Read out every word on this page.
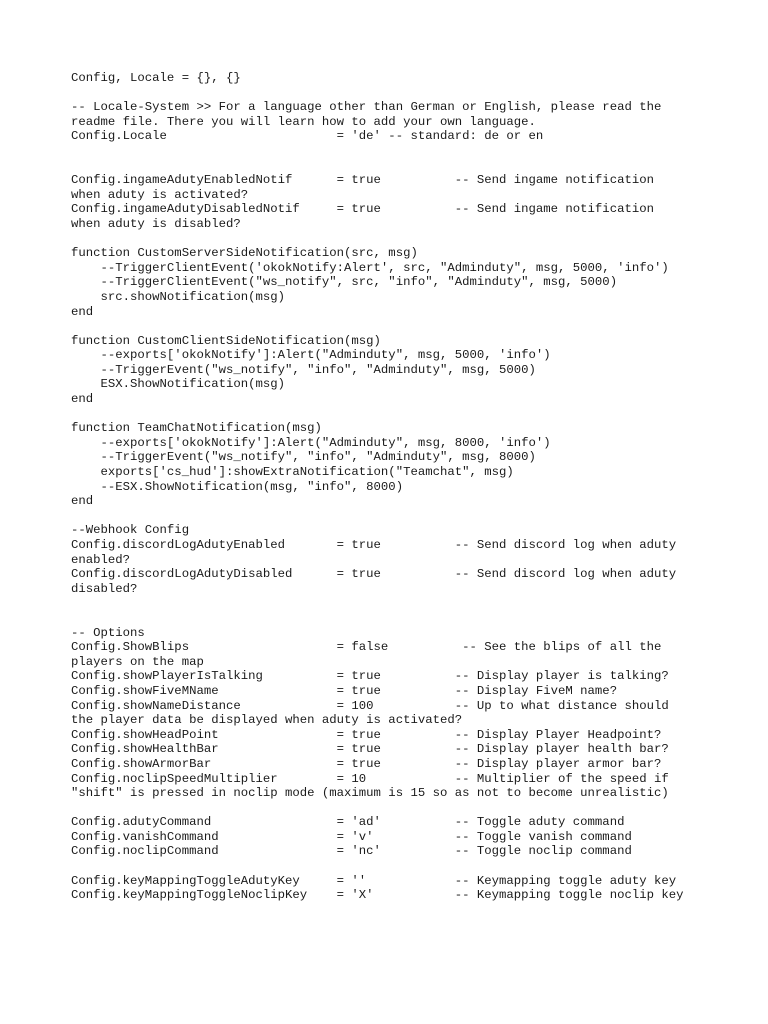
Config, Locale = {}, {}
-- Locale-System >> For a language other than German or English, please read the
readme file. There you will learn how to add your own language.
Config.Locale                       = 'de' -- standard: de or en
Config.ingameAdutyEnabledNotif      = true          -- Send ingame notification
when aduty is activated?
Config.ingameAdutyDisabledNotif     = true          -- Send ingame notification
when aduty is disabled?
function CustomServerSideNotification(src, msg)
--TriggerClientEvent('okokNotify:Alert', src, "Adminduty", msg, 5000, 'info')
--TriggerClientEvent("ws_notify", src, "info", "Adminduty", msg, 5000)
src.showNotification(msg)
end
function CustomClientSideNotification(msg)
--exports['okokNotify']:Alert("Adminduty", msg, 5000, 'info')
--TriggerEvent("ws_notify", "info", "Adminduty", msg, 5000)
ESX.ShowNotification(msg)
end
function TeamChatNotification(msg)
--exports['okokNotify']:Alert("Adminduty", msg, 8000, 'info')
--TriggerEvent("ws_notify", "info", "Adminduty", msg, 8000)
exports['cs_hud']:showExtraNotification("Teamchat", msg)
--ESX.ShowNotification(msg, "info", 8000)
end
--Webhook Config
Config.discordLogAdutyEnabled       = true          -- Send discord log when aduty
enabled?
Config.discordLogAdutyDisabled      = true          -- Send discord log when aduty
disabled?
-- Options
Config.ShowBlips                    = false          -- See the blips of all the
players on the map
Config.showPlayerIsTalking          = true          -- Display player is talking?
Config.showFiveMName                = true          -- Display FiveM name?
Config.showNameDistance             = 100           -- Up to what distance should
the player data be displayed when aduty is activated?
Config.showHeadPoint                = true          -- Display Player Headpoint?
Config.showHealthBar                = true          -- Display player health bar?
Config.showArmorBar                 = true          -- Display player armor bar?
Config.noclipSpeedMultiplier        = 10            -- Multiplier of the speed if
"shift" is pressed in noclip mode (maximum is 15 so as not to become unrealistic)
Config.adutyCommand                 = 'ad'          -- Toggle aduty command
Config.vanishCommand                = 'v'           -- Toggle vanish command
Config.noclipCommand                = 'nc'          -- Toggle noclip command
Config.keyMappingToggleAdutyKey     = ''            -- Keymapping toggle aduty key
Config.keyMappingToggleNoclipKey    = 'X'           -- Keymapping toggle noclip key
